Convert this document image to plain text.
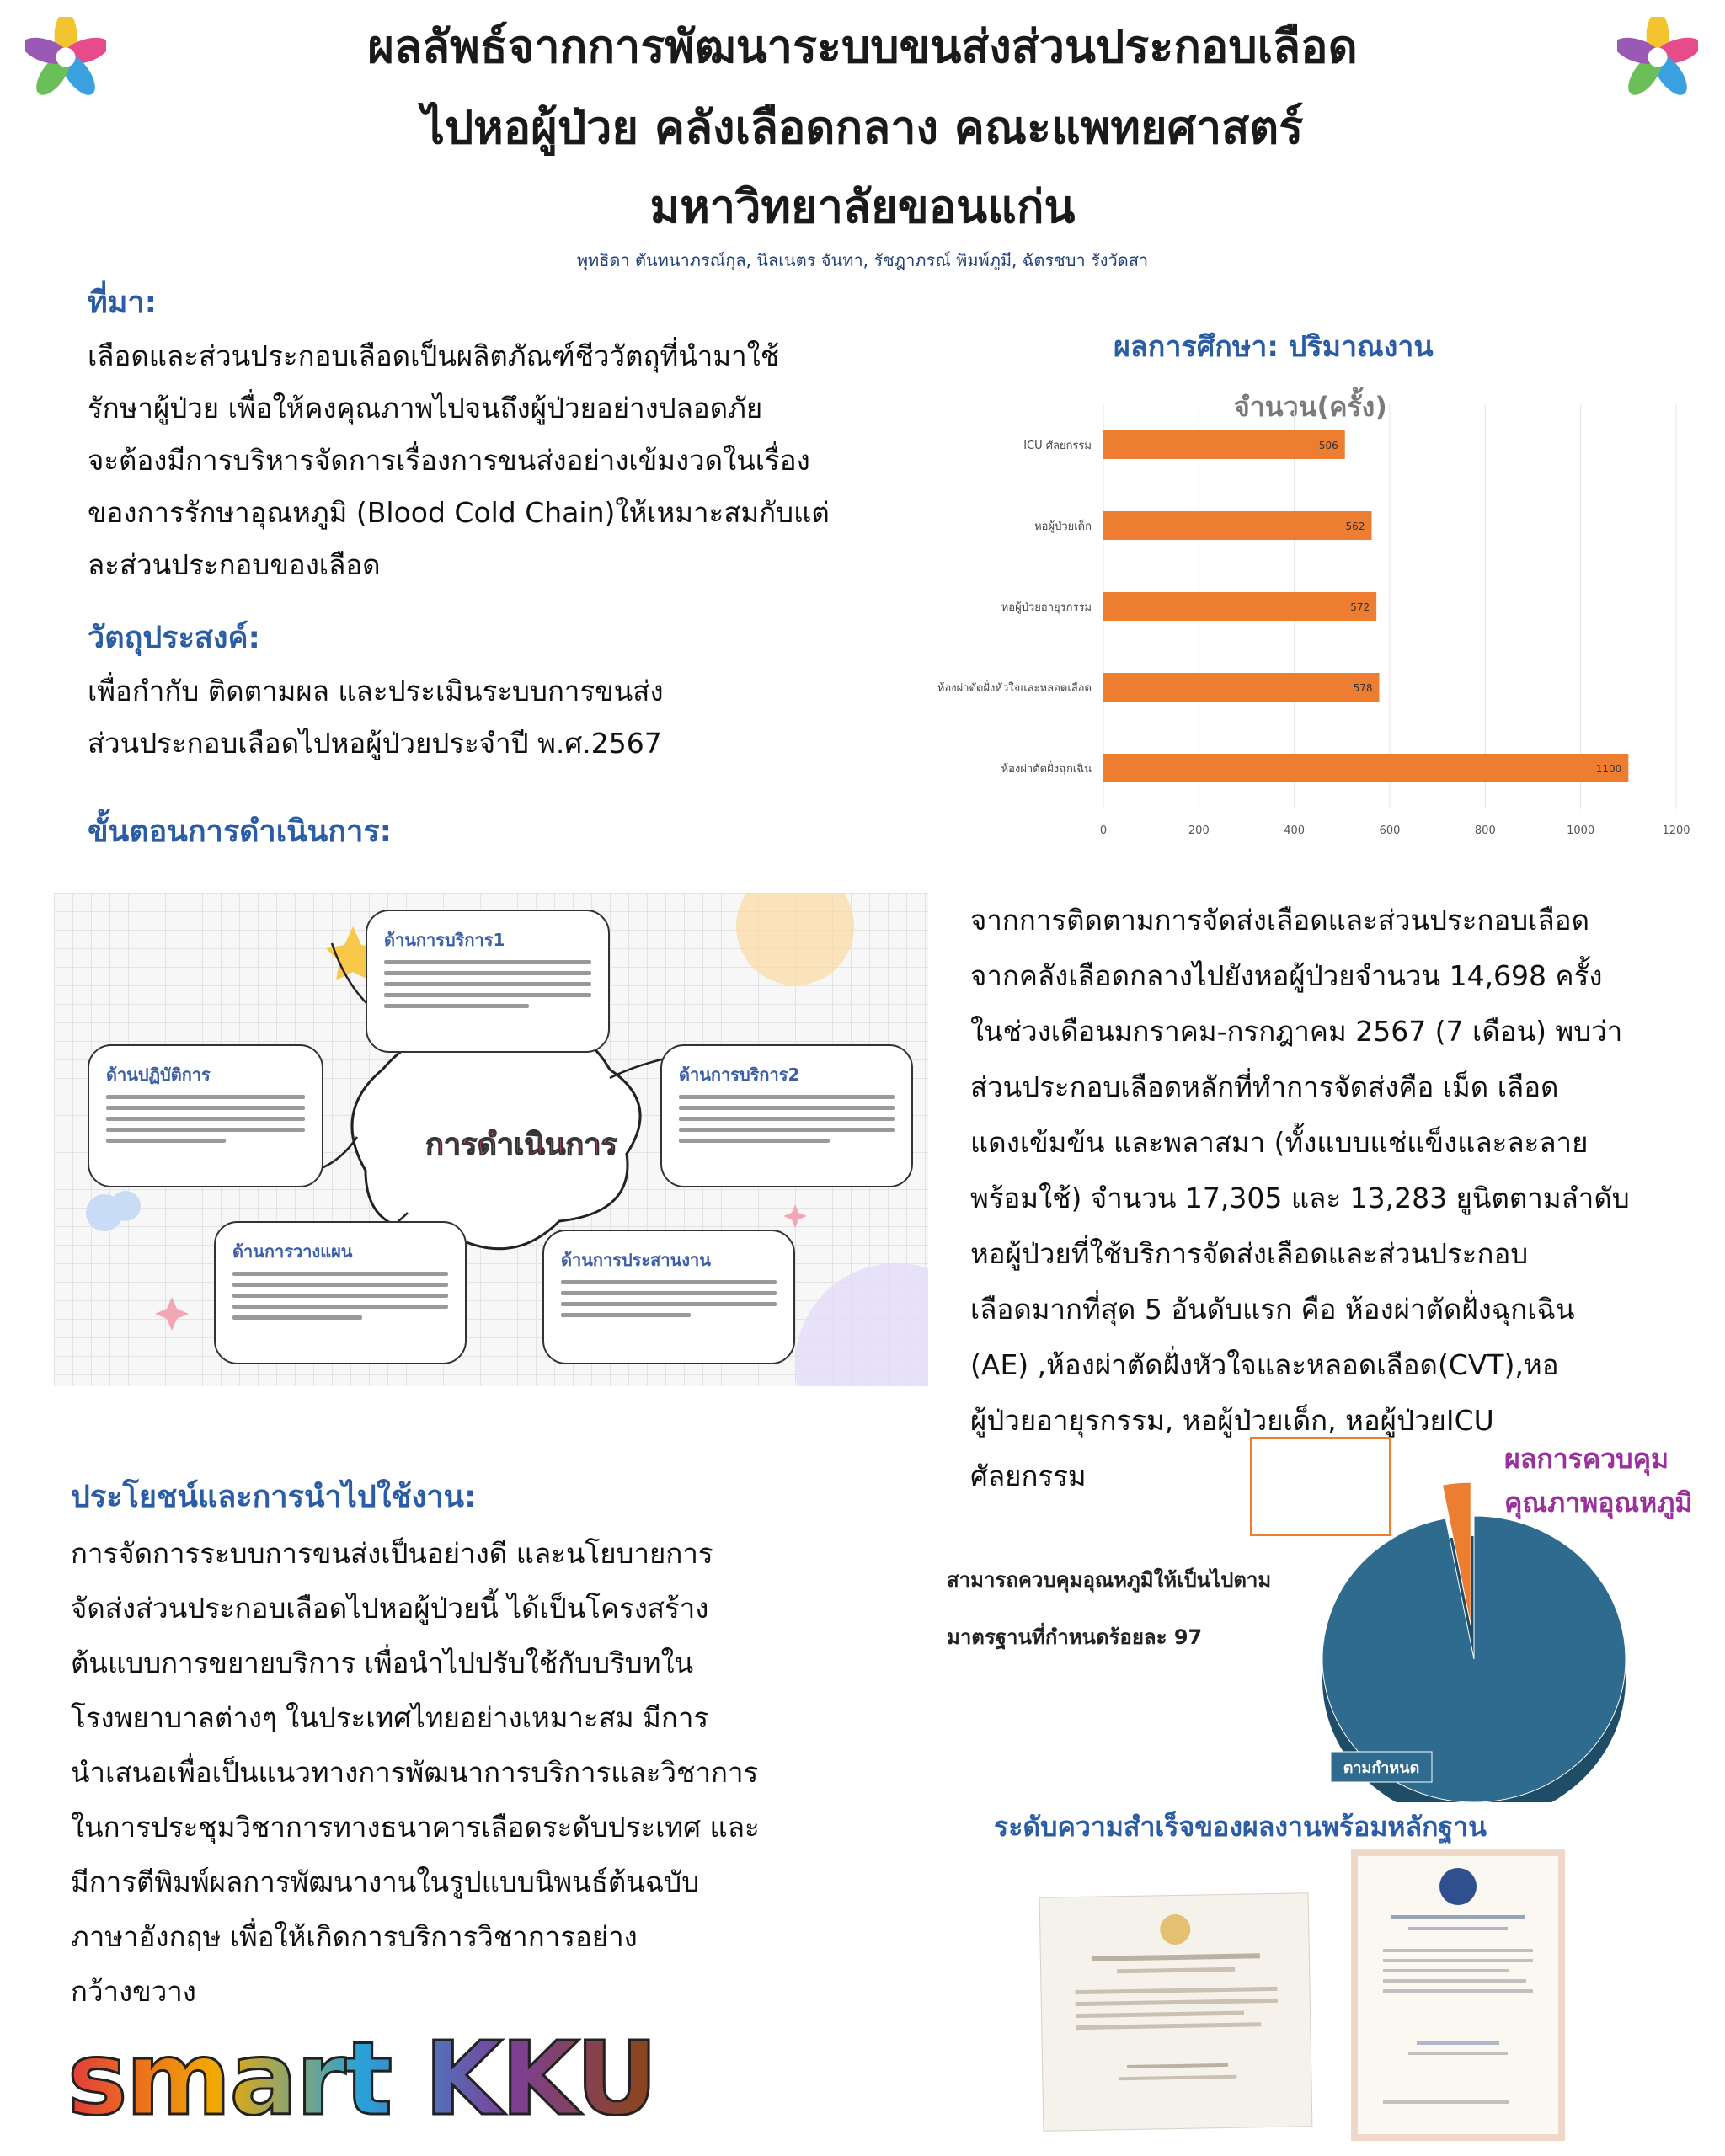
ผลลัพธ์จากการพัฒนาระบบขนส่งส่วนประกอบเลือด
ไปหอผู้ป่วย คลังเลือดกลาง คณะแพทยศาสตร์
มหาวิทยาลัยขอนแก่น
พุทธิดา ตันทนาภรณ์กุล, นิลเนตร จันทา, รัชฎาภรณ์ พิมพ์ภูมี, ฉัตรชบา รังวัดสา
ที่มา:
เลือดและส่วนประกอบเลือดเป็นผลิตภัณฑ์ชีววัตถุที่นำมาใช้
รักษาผู้ป่วย เพื่อให้คงคุณภาพไปจนถึงผู้ป่วยอย่างปลอดภัย
จะต้องมีการบริหารจัดการเรื่องการขนส่งอย่างเข้มงวดในเรื่อง
ของการรักษาอุณหภูมิ (Blood Cold Chain)ให้เหมาะสมกับแต่
ละส่วนประกอบของเลือด
วัตถุประสงค์:
เพื่อกำกับ ติดตามผล และประเมินระบบการขนส่ง
ส่วนประกอบเลือดไปหอผู้ป่วยประจำปี พ.ศ.2567
ขั้นตอนการดำเนินการ:
การดำเนินการ
ด้านการบริการ1
ด้านปฏิบัติการ	ด้านการบริการ2
ด้านการวางแผน	ด้านการประสานงาน
ประโยชน์และการนำไปใช้งาน:
การจัดการระบบการขนส่งเป็นอย่างดี และนโยบายการ
จัดส่งส่วนประกอบเลือดไปหอผู้ป่วยนี้ ได้เป็นโครงสร้าง
ต้นแบบการขยายบริการ เพื่อนำไปปรับใช้กับบริบทใน
โรงพยาบาลต่างๆ ในประเทศไทยอย่างเหมาะสม มีการ
นำเสนอเพื่อเป็นแนวทางการพัฒนาการบริการและวิชาการ
ในการประชุมวิชาการทางธนาคารเลือดระดับประเทศ และ
มีการตีพิมพ์ผลการพัฒนางานในรูปแบบนิพนธ์ต้นฉบับ
ภาษาอังกฤษ เพื่อให้เกิดการบริการวิชาการอย่าง
กว้างขวาง
smart KKU
ผลการศึกษา: ปริมาณงาน
จำนวน(ครั้ง)
0	200	400	600	800	1000	1200
ICU ศัลยกรรม	506
หอผู้ป่วยเด็ก	562
หอผู้ป่วยอายุรกรรม	572
ห้องผ่าตัดฝั่งหัวใจและหลอดเลือด	578
ห้องผ่าตัดฝั่งฉุกเฉิน	1100
จากการติดตามการจัดส่งเลือดและส่วนประกอบเลือด
จากคลังเลือดกลางไปยังหอผู้ป่วยจำนวน 14,698 ครั้ง
ในช่วงเดือนมกราคม-กรกฎาคม 2567 (7 เดือน) พบว่า
ส่วนประกอบเลือดหลักที่ทำการจัดส่งคือ เม็ด เลือด
แดงเข้มข้น และพลาสมา (ทั้งแบบแช่แข็งและละลาย
พร้อมใช้) จำนวน 17,305 และ 13,283 ยูนิตตามลำดับ
หอผู้ป่วยที่ใช้บริการจัดส่งเลือดและส่วนประกอบ
เลือดมากที่สุด 5 อันดับแรก คือ ห้องผ่าตัดฝั่งฉุกเฉิน
(AE) ,ห้องผ่าตัดฝั่งหัวใจและหลอดเลือด(CVT),หอ
ผู้ป่วยอายุรกรรม, หอผู้ป่วยเด็ก, หอผู้ป่วยICU
ศัลยกรรม
ผลการควบคุม
คุณภาพอุณหภูมิ
สามารถควบคุมอุณหภูมิให้เป็นไปตาม
มาตรฐานที่กำหนดร้อยละ 97
ตามกำหนด
ระดับความสำเร็จของผลงานพร้อมหลักฐาน
